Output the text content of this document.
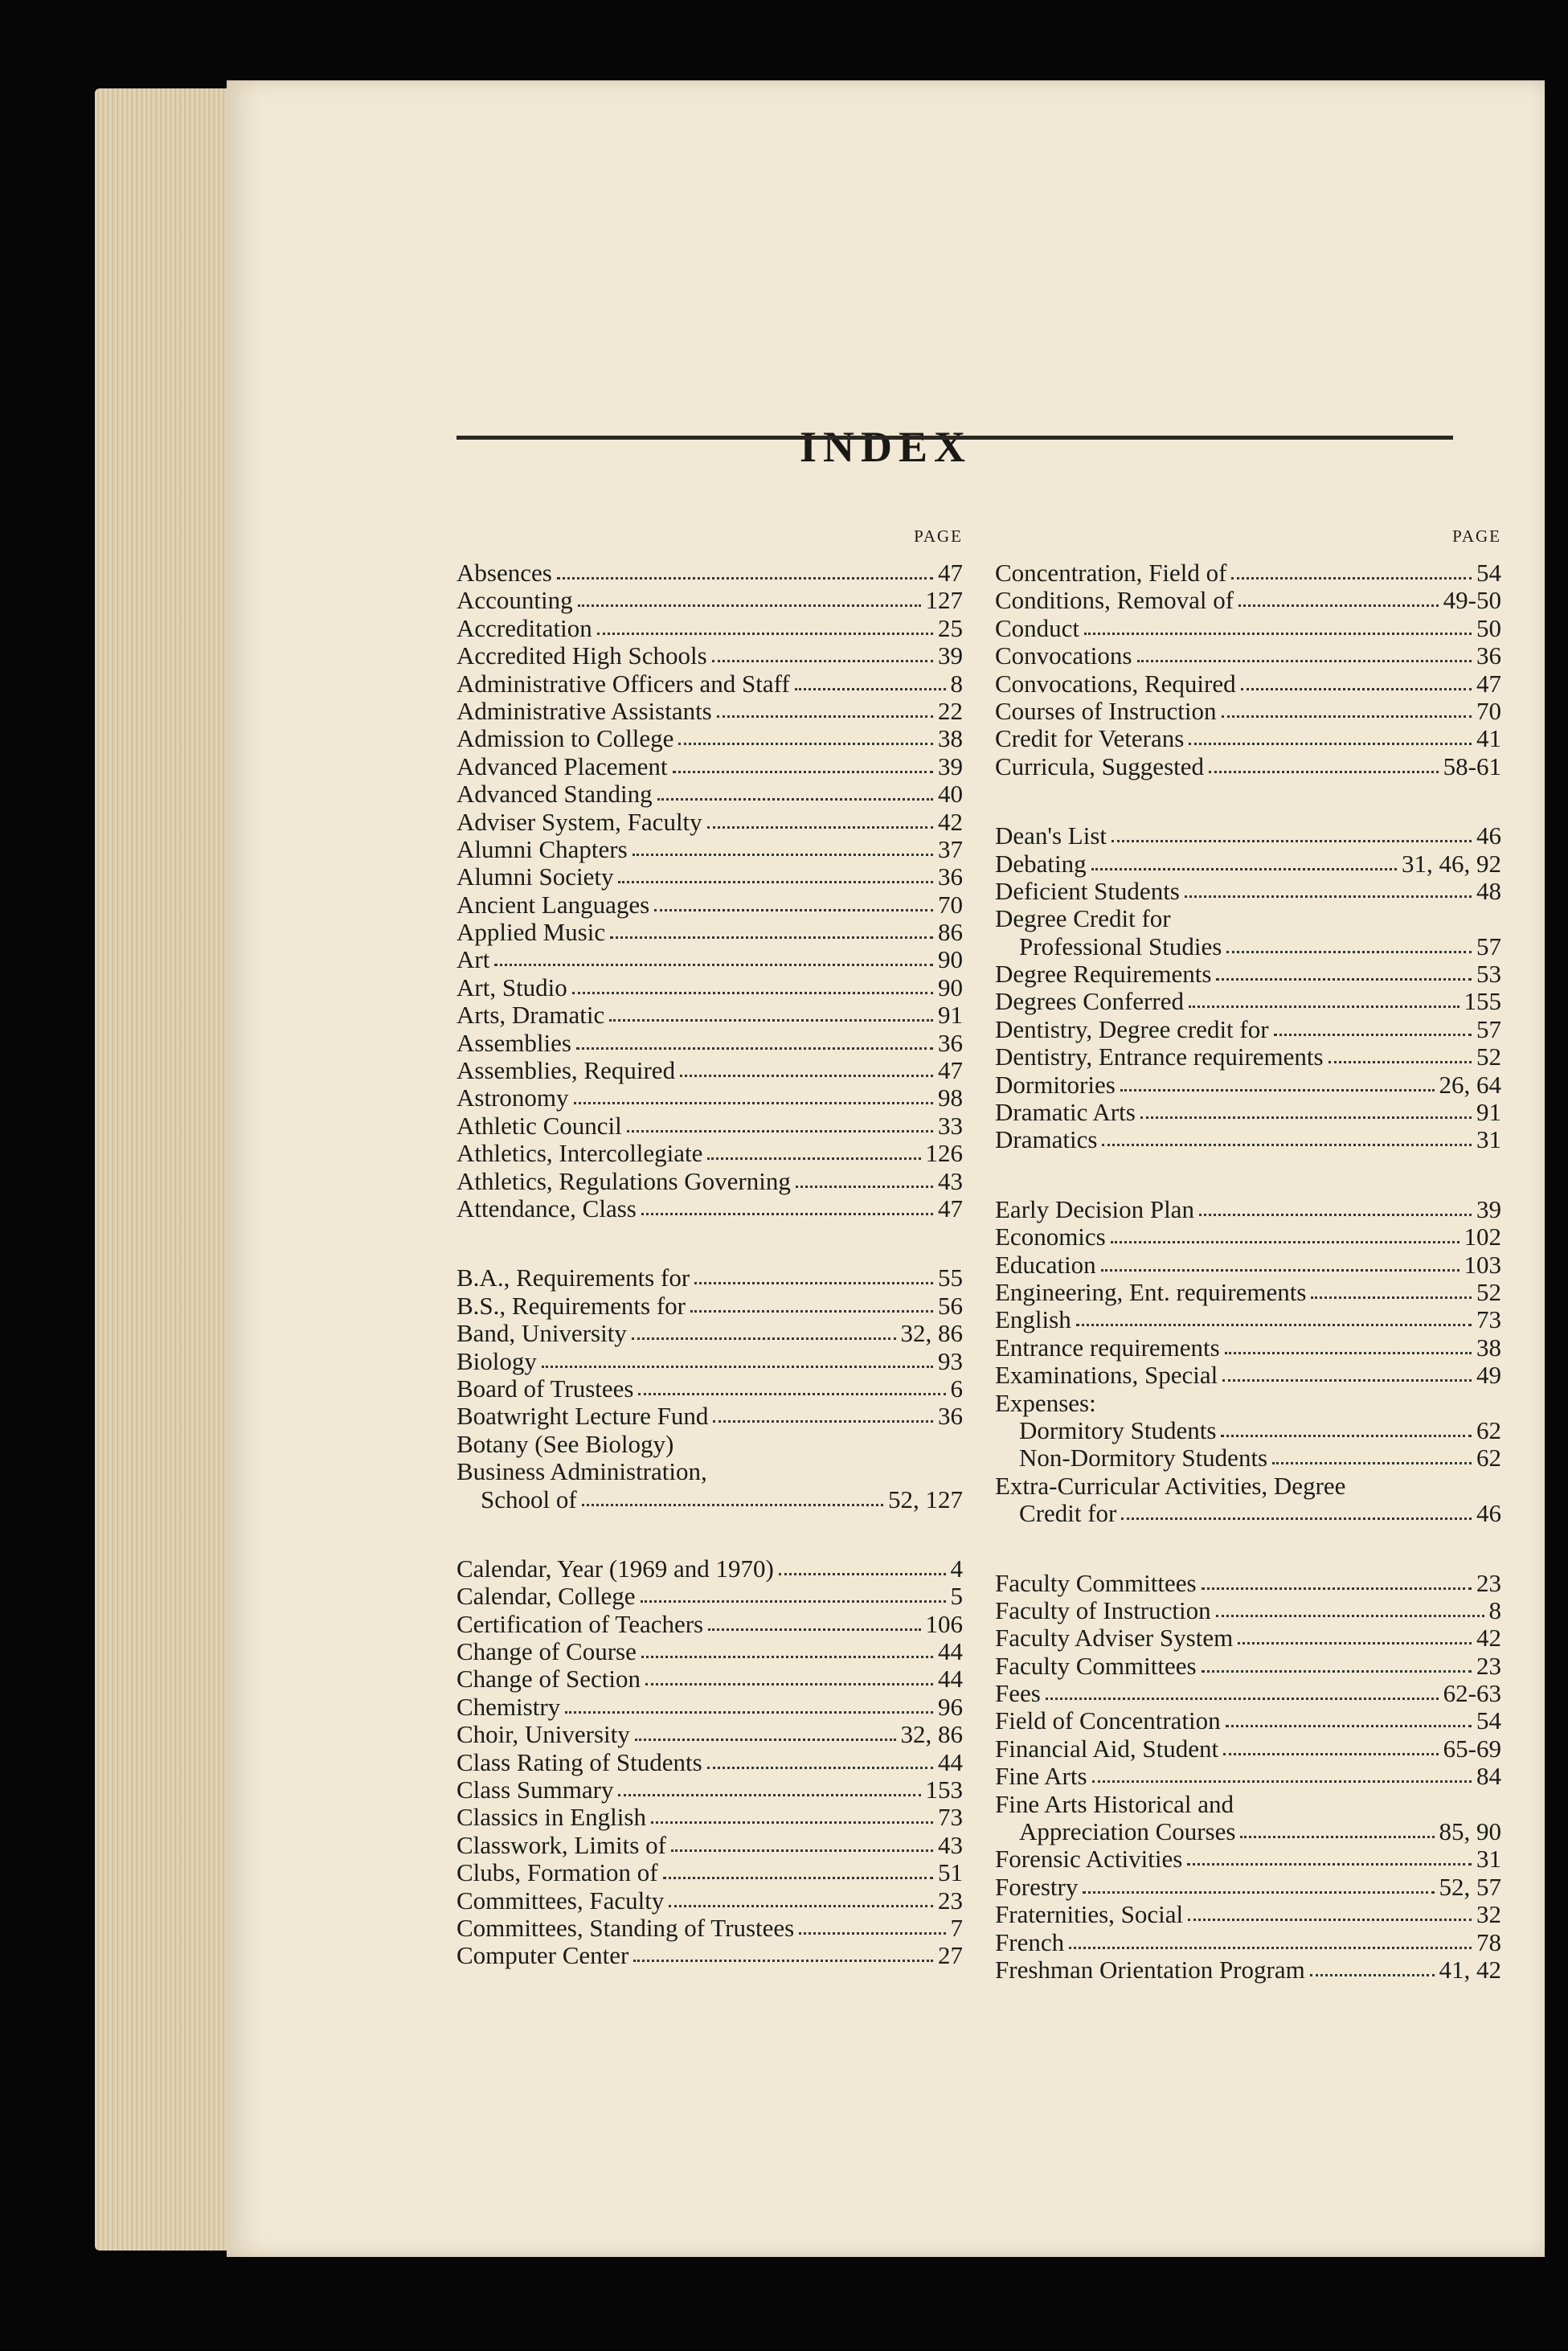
INDEX
PAGE
Absences	47
Accounting	127
Accreditation	25
Accredited High Schools	39
Administrative Officers and Staff	8
Administrative Assistants	22
Admission to College	38
Advanced Placement	39
Advanced Standing	40
Adviser System, Faculty	42
Alumni Chapters	37
Alumni Society	36
Ancient Languages	70
Applied Music	86
Art	90
Art, Studio	90
Arts, Dramatic	91
Assemblies	36
Assemblies, Required	47
Astronomy	98
Athletic Council	33
Athletics, Intercollegiate	126
Athletics, Regulations Governing	43
Attendance, Class	47
B.A., Requirements for	55
B.S., Requirements for	56
Band, University	32, 86
Biology	93
Board of Trustees	6
Boatwright Lecture Fund	36
Botany (See Biology)
Business Administration,
School of	52, 127
Calendar, Year (1969 and 1970)	4
Calendar, College	5
Certification of Teachers	106
Change of Course	44
Change of Section	44
Chemistry	96
Choir, University	32, 86
Class Rating of Students	44
Class Summary	153
Classics in English	73
Classwork, Limits of	43
Clubs, Formation of	51
Committees, Faculty	23
Committees, Standing of Trustees	7
Computer Center	27
PAGE
Concentration, Field of	54
Conditions, Removal of	49-50
Conduct	50
Convocations	36
Convocations, Required	47
Courses of Instruction	70
Credit for Veterans	41
Curricula, Suggested	58-61
Dean's List	46
Debating	31, 46, 92
Deficient Students	48
Degree Credit for
Professional Studies	57
Degree Requirements	53
Degrees Conferred	155
Dentistry, Degree credit for	57
Dentistry, Entrance requirements	52
Dormitories	26, 64
Dramatic Arts	91
Dramatics	31
Early Decision Plan	39
Economics	102
Education	103
Engineering, Ent. requirements	52
English	73
Entrance requirements	38
Examinations, Special	49
Expenses:
Dormitory Students	62
Non-Dormitory Students	62
Extra-Curricular Activities, Degree
Credit for	46
Faculty Committees	23
Faculty of Instruction	8
Faculty Adviser System	42
Faculty Committees	23
Fees	62-63
Field of Concentration	54
Financial Aid, Student	65-69
Fine Arts	84
Fine Arts Historical and
Appreciation Courses	85, 90
Forensic Activities	31
Forestry	52, 57
Fraternities, Social	32
French	78
Freshman Orientation Program	41, 42
